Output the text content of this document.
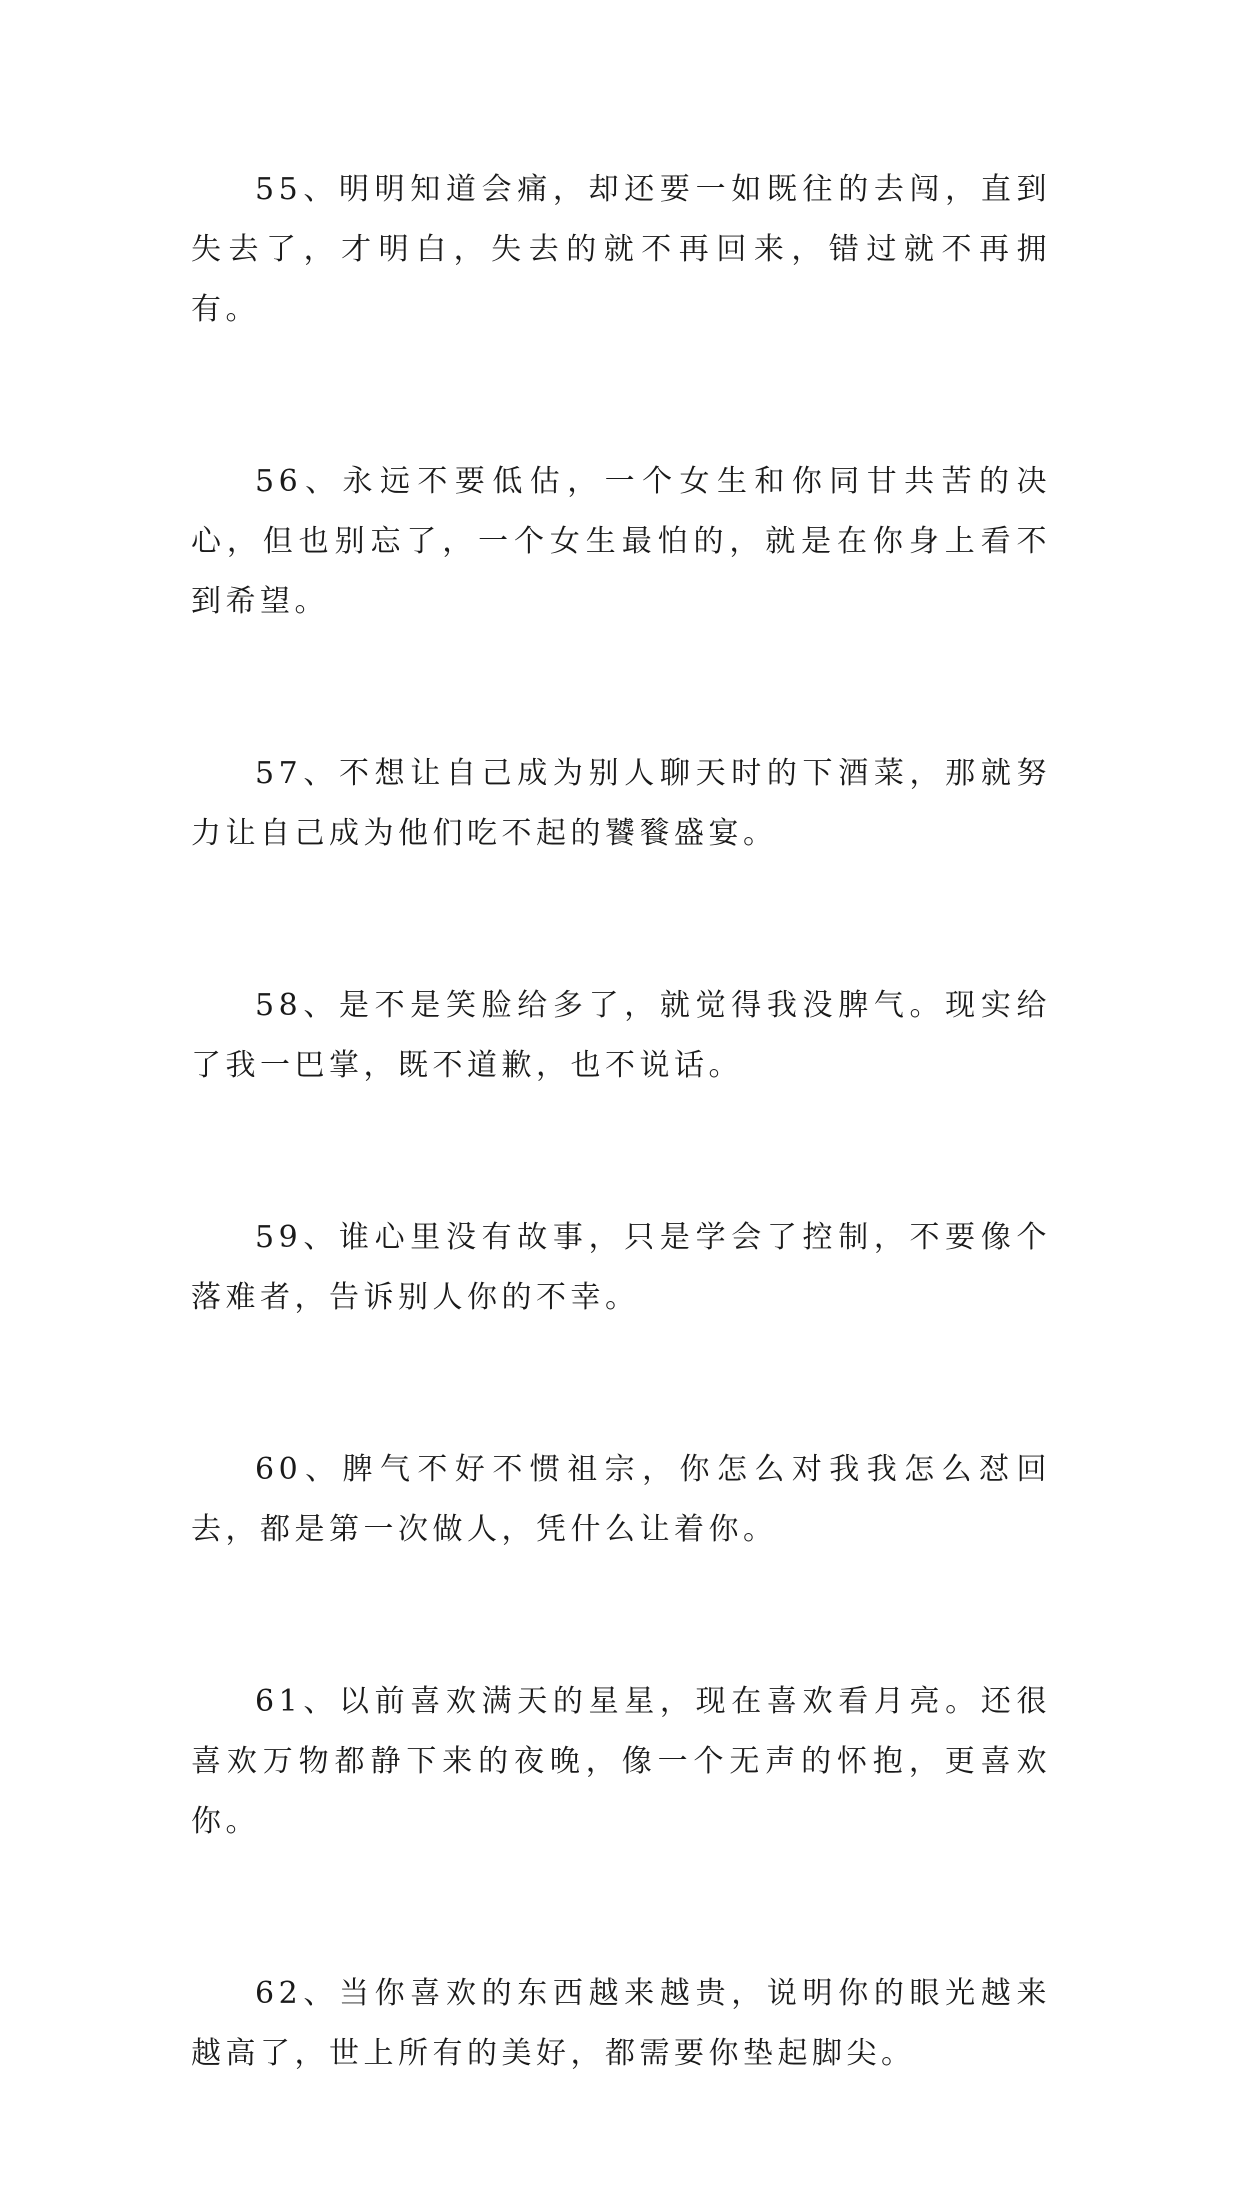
55、明明知道会痛，却还要一如既往的去闯，直到失去了，才明白，失去的就不再回来，错过就不再拥有。

56、永远不要低估，一个女生和你同甘共苦的决心，但也别忘了，一个女生最怕的，就是在你身上看不到希望。

57、不想让自己成为别人聊天时的下酒菜，那就努力让自己成为他们吃不起的饕餮盛宴。

58、是不是笑脸给多了，就觉得我没脾气。现实给了我一巴掌，既不道歉，也不说话。

59、谁心里没有故事，只是学会了控制，不要像个落难者，告诉别人你的不幸。

60、脾气不好不惯祖宗，你怎么对我我怎么怼回去，都是第一次做人，凭什么让着你。

61、以前喜欢满天的星星，现在喜欢看月亮。还很喜欢万物都静下来的夜晚，像一个无声的怀抱，更喜欢你。

62、当你喜欢的东西越来越贵，说明你的眼光越来越高了，世上所有的美好，都需要你垫起脚尖。
